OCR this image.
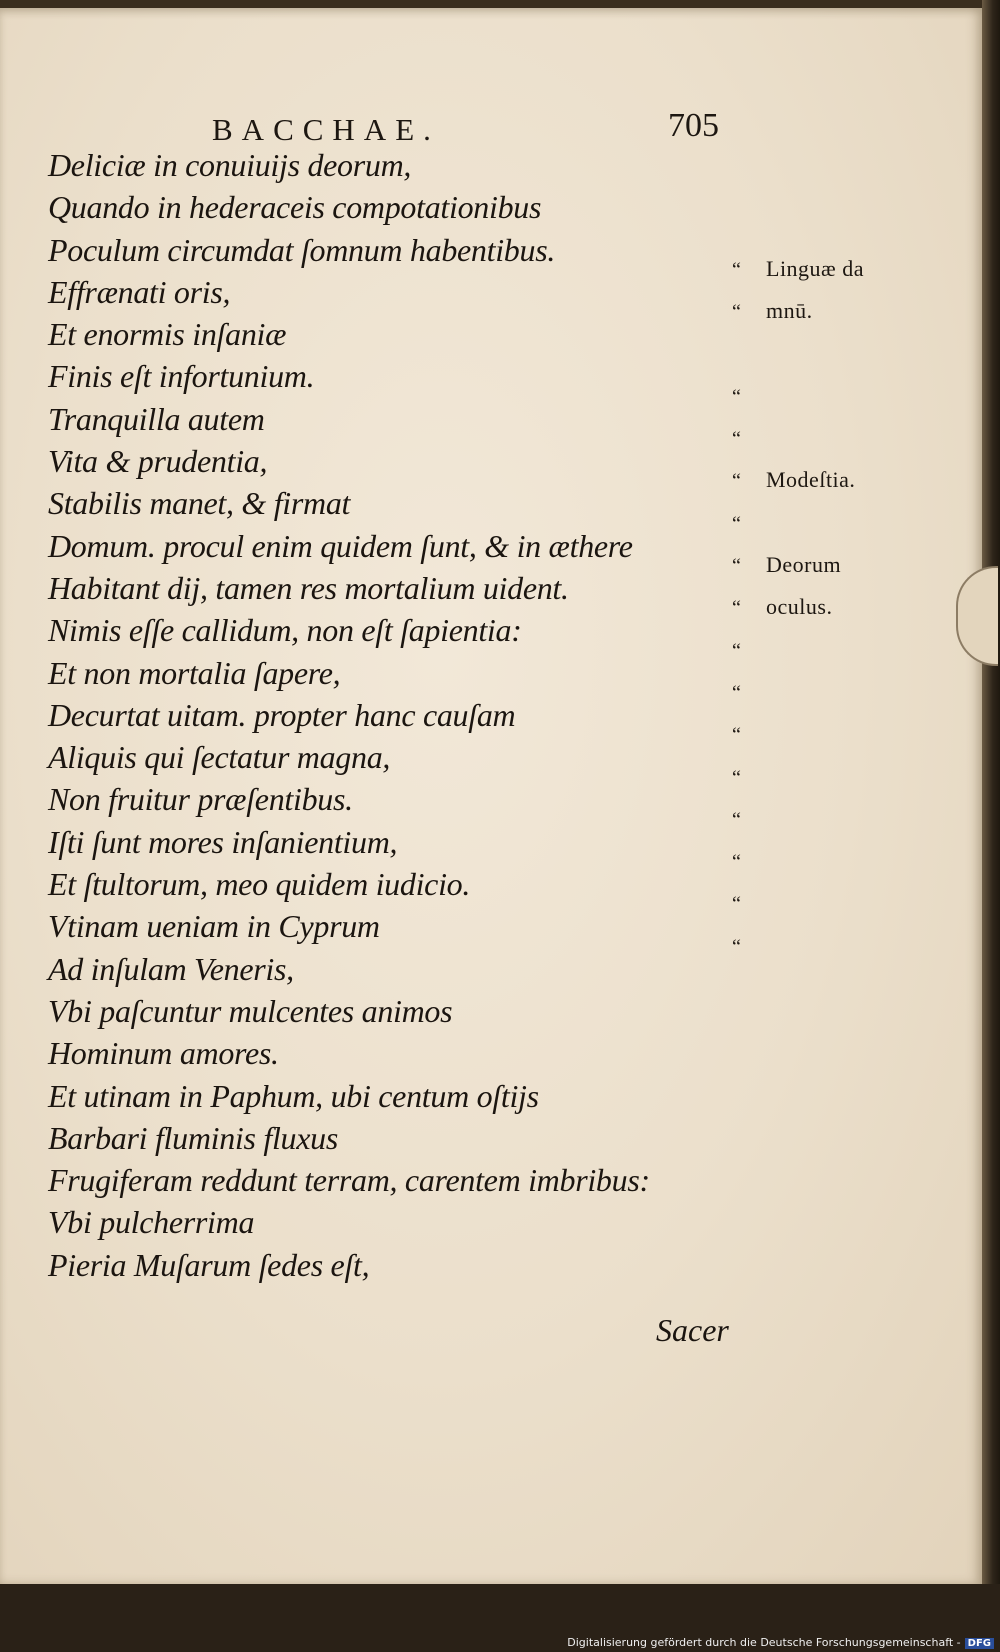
BACCHAE.	705
Deliciæ in conuiuijs deorum,
Quando in hederaceis compotationibus
Poculum circumdat ſomnum habentibus.
Effrænati oris,
Et enormis inſaniæ
Finis eſt infortunium.
Tranquilla autem
Vita & prudentia,
Stabilis manet, & firmat
Domum. procul enim quidem ſunt, & in æthere
Habitant dij, tamen res mortalium uident.
Nimis eſſe callidum, non eſt ſapientia:
Et non mortalia ſapere,
Decurtat uitam. propter hanc cauſam
Aliquis qui ſectatur magna,
Non fruitur præſentibus.
Iſti ſunt mores inſanientium,
Et ſtultorum, meo quidem iudicio.
Vtinam ueniam in Cyprum
Ad inſulam Veneris,
Vbi paſcuntur mulcentes animos
Hominum amores.
Et utinam in Paphum, ubi centum oſtijs
Barbari fluminis fluxus
Frugiferam reddunt terram, carentem imbribus:
Vbi pulcherrima
Pieria Muſarum ſedes eſt,
“ Linguæ da
“ mnū.
“
“
“ Modeſtia.
“
“ Deorum
“ oculus.
“
“
“
“
“
“
“
“
Sacer
Digitalisierung gefördert durch die Deutsche Forschungsgemeinschaft - DFG
